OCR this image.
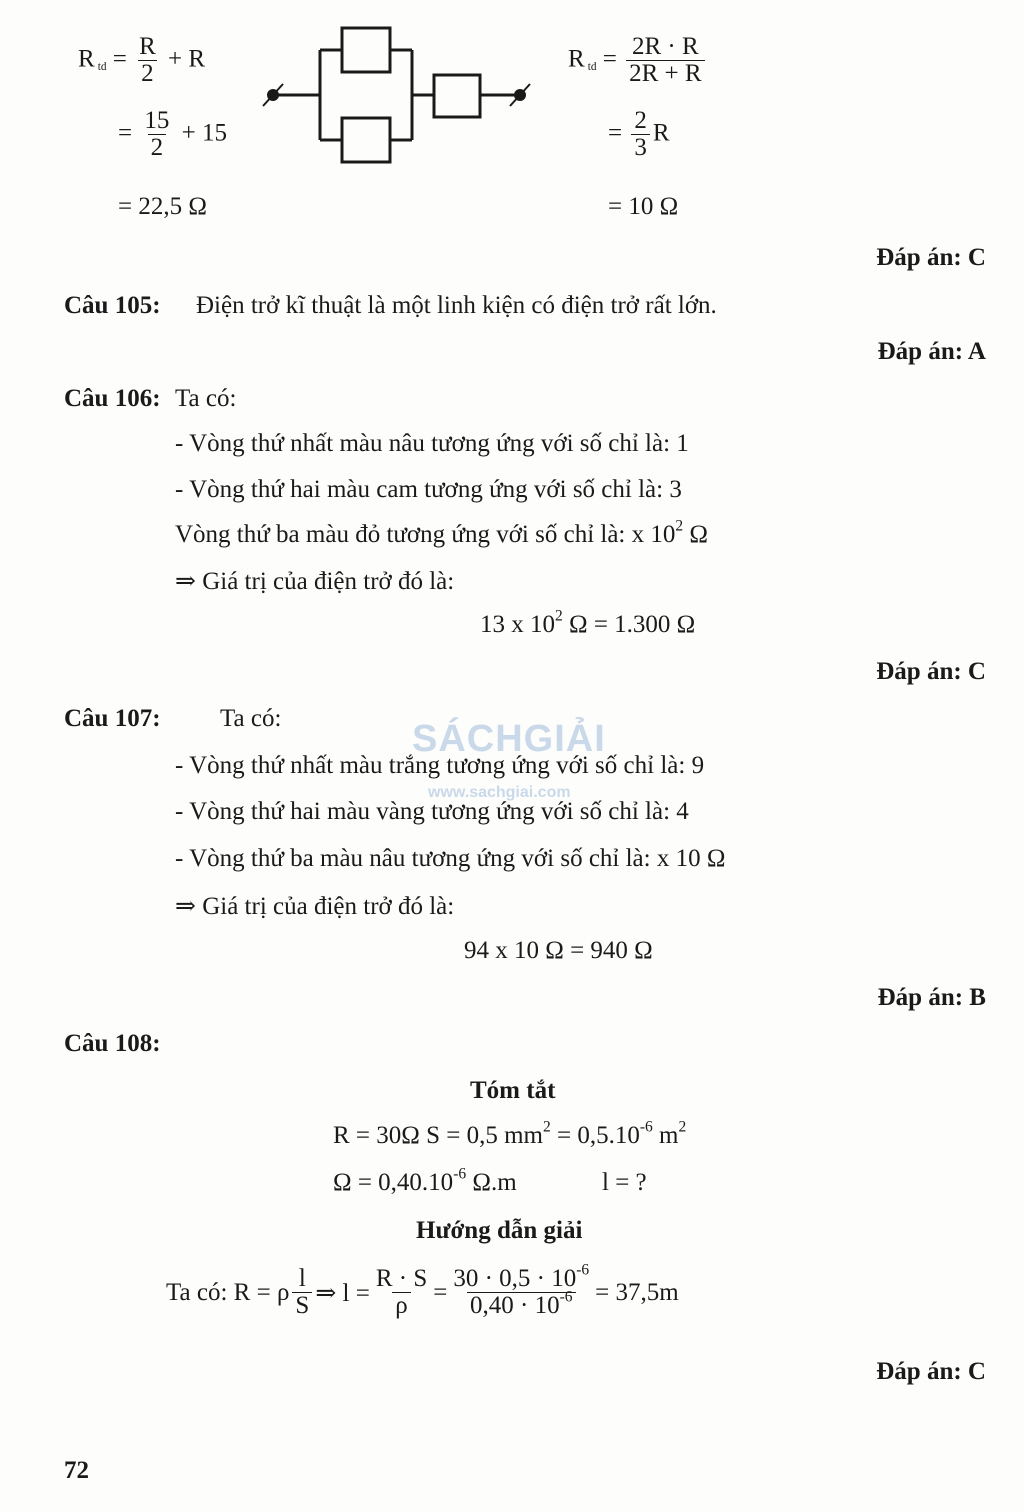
R $_{td} = \frac{R}{2} + R$
= $\frac{15}{2} + 15$
= 22,5 Ω
R $_{td} = \frac{2R \cdot R}{2R + R}$
= $\frac{2}{3}$ R
= 10 Ω
Đáp án: C
Câu 105: Điện trở kĩ thuật là một linh kiện có điện trở rất lớn.
Đáp án: A
Câu 106: Ta có:
- Vòng thứ nhất màu nâu tương ứng với số chỉ là: 1
- Vòng thứ hai màu cam tương ứng với số chỉ là: 3
Vòng thứ ba màu đỏ tương ứng với số chỉ là: x $10^2$ Ω
⇒ Giá trị của điện trở đó là:
13 x $10^2$ Ω = 1.300 Ω
Đáp án: C
SÁCHGIẢI
www.sachgiai.com
Câu 107: Ta có:
- Vòng thứ nhất màu trắng tương ứng với số chỉ là: 9
- Vòng thứ hai màu vàng tương ứng với số chỉ là: 4
- Vòng thứ ba màu nâu tương ứng với số chỉ là: x 10 Ω
⇒ Giá trị của điện trở đó là:
94 x 10 Ω = 940 Ω
Đáp án: B
Câu 108:
Tóm tắt
R = 30Ω S = 0,5 $mm^2 = 0,5.10^{-6}$ $m^2$
$\Omega = 0,40.10^{-6}$ Ω.m	l = ?
Hướng dẫn giải
Ta có: R = ρ $\frac{l}{S}$ ⇒ $l = \frac{R \cdot S}{\rho} = \frac{30 \cdot 0,5 \cdot 10^{-6}}{0,40 \cdot 10^{-6}} = 37,5m$
Đáp án: C
72
